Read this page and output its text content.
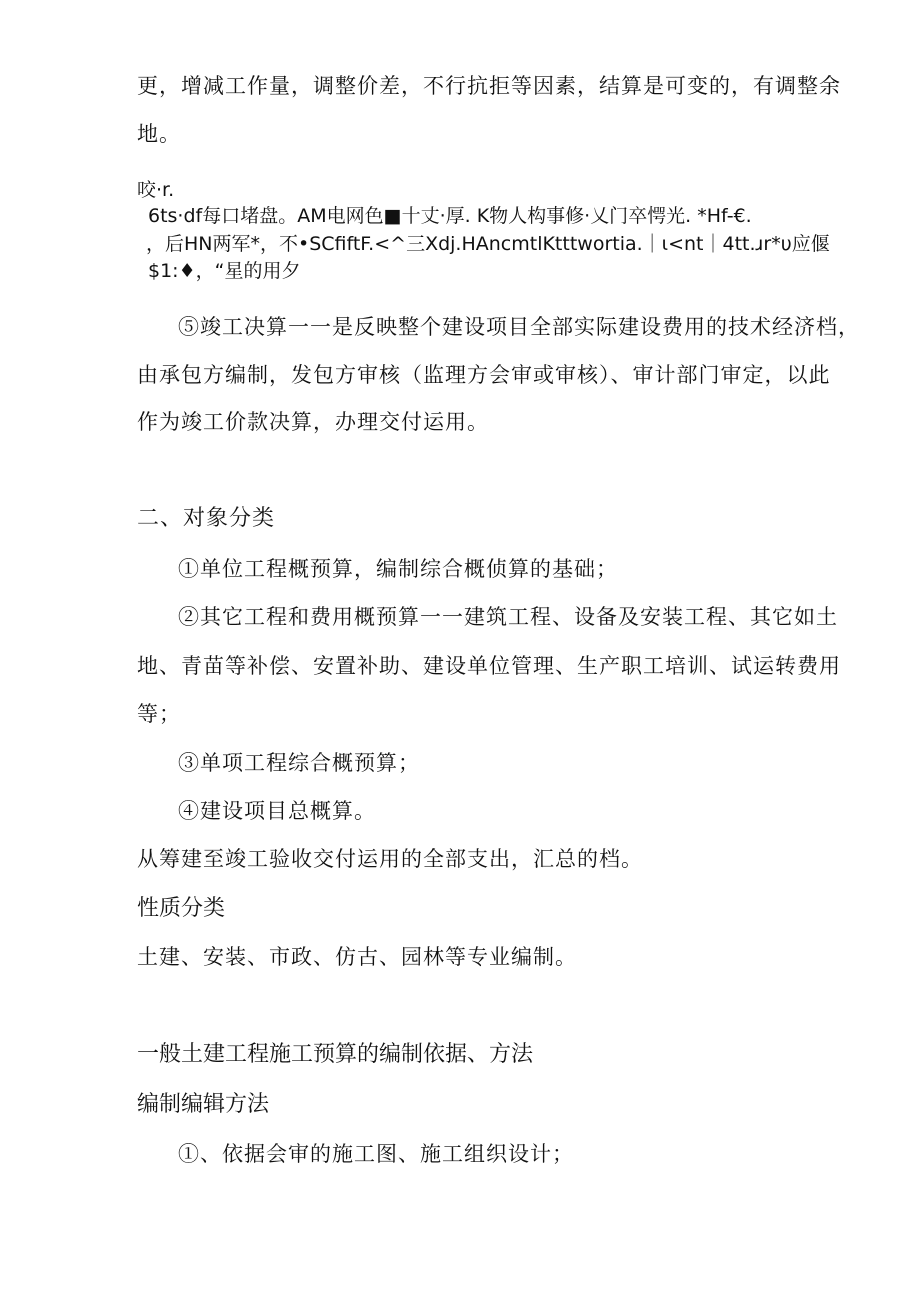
更，增减工作量，调整价差，不行抗拒等因素，结算是可变的，有调整余
地。
咬·r.
6ts·df每口堵盘。AM电网色■十丈·厚. K物人构事修·乂门卒愕光. *Hf-€.
，后HN两军*，不•SCfiftF.<^三Xdj.HAncmtlKtttwortia.｜ι<nt｜4tt.ɹr*υ应偃
$1:♦，“星的用夕
⑤竣工决算一一是反映整个建设项目全部实际建设费用的技术经济档，
由承包方编制，发包方审核（监理方会审或审核）、审计部门审定，以此
作为竣工价款决算，办理交付运用。
二、对象分类
①单位工程概预算，编制综合概侦算的基础；
②其它工程和费用概预算一一建筑工程、设备及安装工程、其它如土
地、青苗等补偿、安置补助、建设单位管理、生产职工培训、试运转费用
等；
③单项工程综合概预算；
④建设项目总概算。
从筹建至竣工验收交付运用的全部支出，汇总的档。
性质分类
土建、安装、市政、仿古、园林等专业编制。
一般土建工程施工预算的编制依据、方法
编制编辑方法
①、依据会审的施工图、施工组织设计；
